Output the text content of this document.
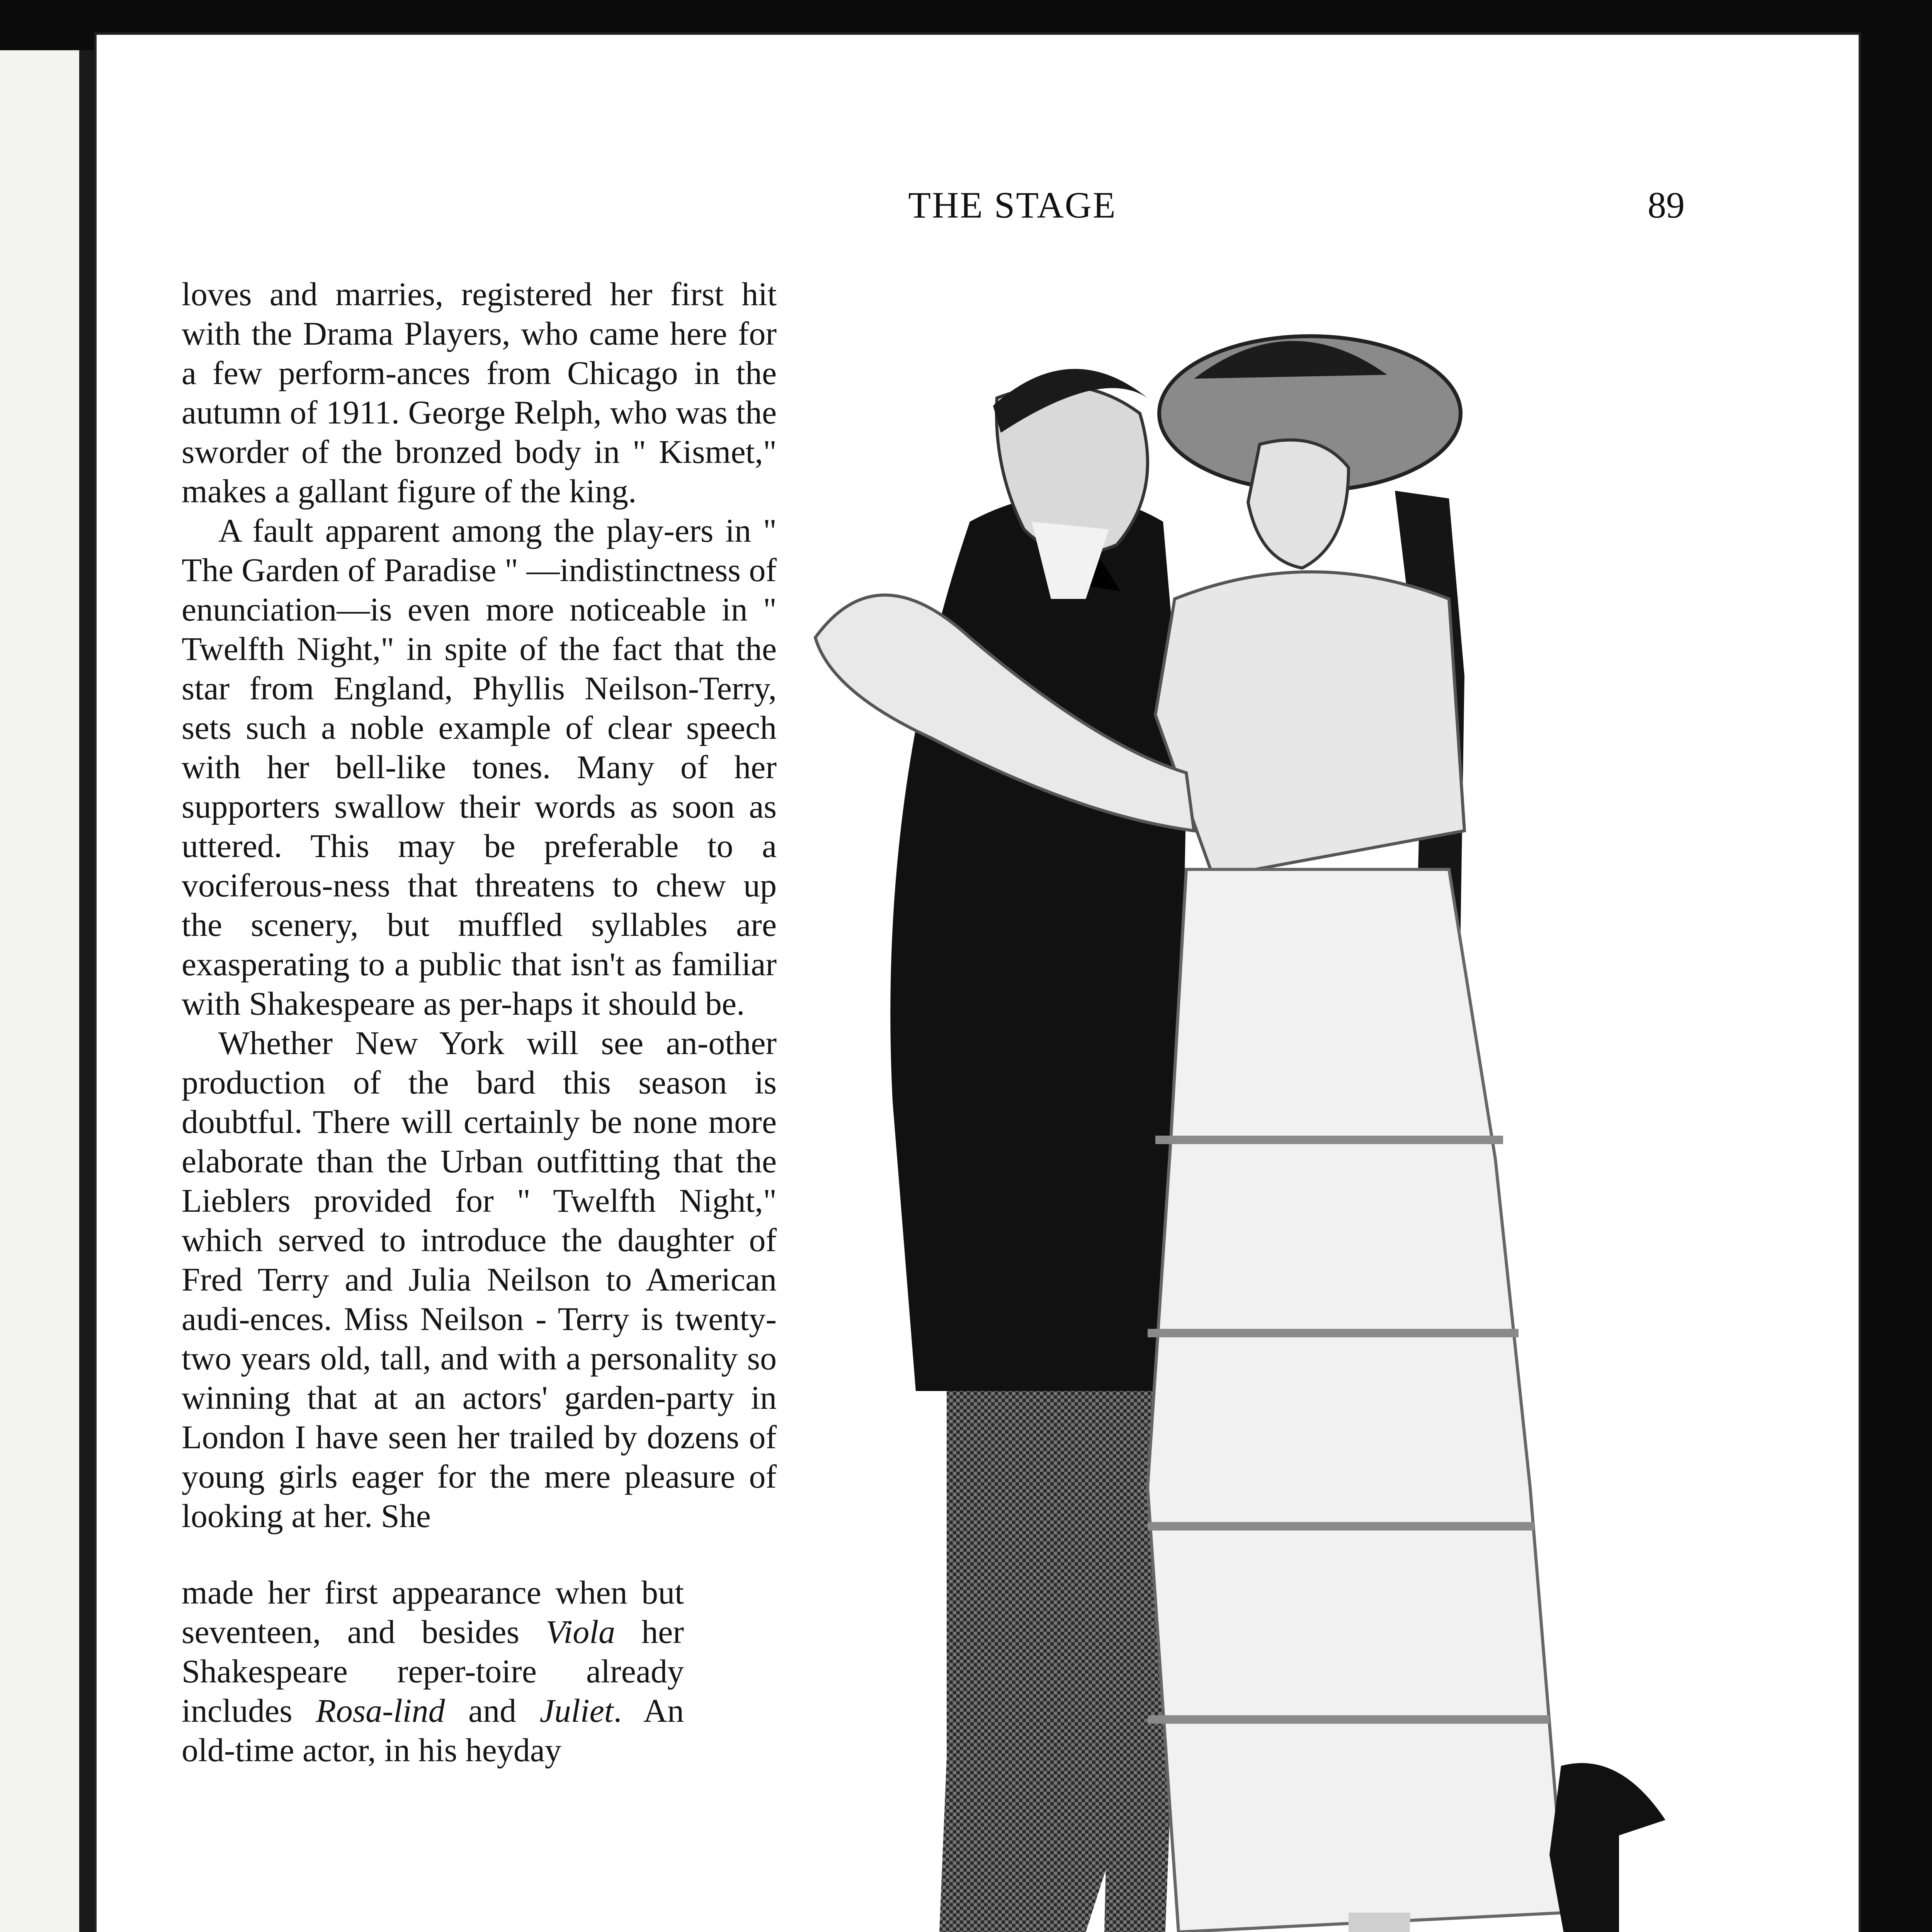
THE STAGE	89

loves and marries, registered her first hit with the Drama Players, who came here for a few perform-ances from Chicago in the autumn of 1911. George Relph, who was the sworder of the bronzed body in " Kismet," makes a gallant figure of the king.

A fault apparent among the play-ers in " The Garden of Paradise " —indistinctness of enunciation—is even more noticeable in " Twelfth Night," in spite of the fact that the star from England, Phyllis Neilson-Terry, sets such a noble example of clear speech with her bell-like tones. Many of her supporters swallow their words as soon as uttered. This may be preferable to a vociferous-ness that threatens to chew up the scenery, but muffled syllables are exasperating to a public that isn't as familiar with Shakespeare as per-haps it should be.

Whether New York will see an-other production of the bard this season is doubtful. There will certainly be none more elaborate than the Urban outfitting that the Lieblers provided for " Twelfth Night," which served to introduce the daughter of Fred Terry and Julia Neilson to American audi-ences. Miss Neilson - Terry is twenty-two years old, tall, and with a personality so winning that at an actors' garden-party in London I have seen her trailed by dozens of young girls eager for the mere pleasure of looking at her. She

made her first appearance when but seventeen, and besides Viola her Shakespeare reper-toire already includes Rosa-lind and Juliet. An old-time actor, in his heyday
